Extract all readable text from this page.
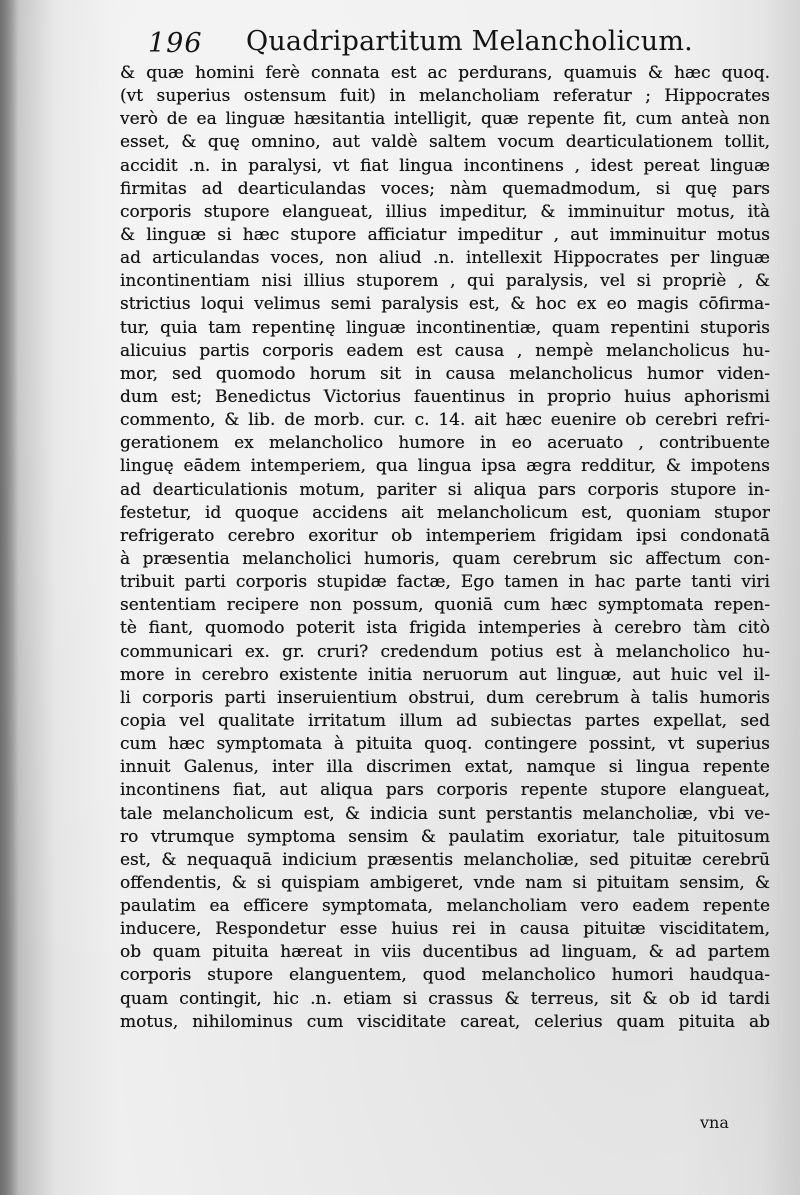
196 Quadripartitum Melancholicum.
& quæ homini ferè connata est ac perdurans, quamuis & hæc quoq.
(vt superius ostensum fuit) in melancholiam referatur ; Hippocrates
verò de ea linguæ hæsitantia intelligit, quæ repente fit, cum anteà non
esset, & quę omnino, aut valdè saltem vocum dearticulationem tollit,
accidit .n. in paralysi, vt fiat lingua incontinens , idest pereat linguæ
firmitas ad dearticulandas voces; nàm quemadmodum, si quę pars
corporis stupore elangueat, illius impeditur, & imminuitur motus, ità
& linguæ si hæc stupore afficiatur impeditur , aut imminuitur motus
ad articulandas voces, non aliud .n. intellexit Hippocrates per linguæ
incontinentiam nisi illius stuporem , qui paralysis, vel si propriè , &
strictius loqui velimus semi paralysis est, & hoc ex eo magis cōfirma-
tur, quia tam repentinę linguæ incontinentiæ, quam repentini stuporis
alicuius partis corporis eadem est causa , nempè melancholicus hu-
mor, sed quomodo horum sit in causa melancholicus humor viden-
dum est; Benedictus Victorius fauentinus in proprio huius aphorismi
commento, & lib. de morb. cur. c. 14. ait hæc euenire ob cerebri refri-
gerationem ex melancholico humore in eo aceruato , contribuente
linguę eādem intemperiem, qua lingua ipsa ægra redditur, & impotens
ad dearticulationis motum, pariter si aliqua pars corporis stupore in-
festetur, id quoque accidens ait melancholicum est, quoniam stupor
refrigerato cerebro exoritur ob intemperiem frigidam ipsi condonatā
à præsentia melancholici humoris, quam cerebrum sic affectum con-
tribuit parti corporis stupidæ factæ, Ego tamen in hac parte tanti viri
sententiam recipere non possum, quoniā cum hæc symptomata repen-
tè fiant, quomodo poterit ista frigida intemperies à cerebro tàm citò
communicari ex. gr. cruri? credendum potius est à melancholico hu-
more in cerebro existente initia neruorum aut linguæ, aut huic vel il-
li corporis parti inseruientium obstrui, dum cerebrum à talis humoris
copia vel qualitate irritatum illum ad subiectas partes expellat, sed
cum hæc symptomata à pituita quoq. contingere possint, vt superius
innuit Galenus, inter illa discrimen extat, namque si lingua repente
incontinens fiat, aut aliqua pars corporis repente stupore elangueat,
tale melancholicum est, & indicia sunt perstantis melancholiæ, vbi ve-
ro vtrumque symptoma sensim & paulatim exoriatur, tale pituitosum
est, & nequaquā indicium præsentis melancholiæ, sed pituitæ cerebrū
offendentis, & si quispiam ambigeret, vnde nam si pituitam sensim, &
paulatim ea efficere symptomata, melancholiam vero eadem repente
inducere, Respondetur esse huius rei in causa pituitæ visciditatem,
ob quam pituita hæreat in viis ducentibus ad linguam, & ad partem
corporis stupore elanguentem, quod melancholico humori haudqua-
quam contingit, hic .n. etiam si crassus & terreus, sit & ob id tardi
motus, nihilominus cum visciditate careat, celerius quam pituita ab
vna
